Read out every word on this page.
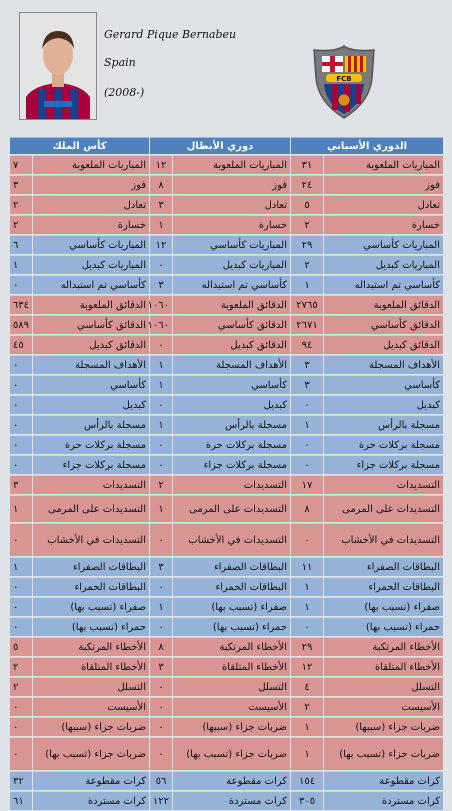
Gerard Pique Bernabeu
Spain
(2008-)
FCB
كأس الملك		دوري الأبطال		الدوري الأسباني	
٧	المباريات الملعوبة	١٢	المباريات الملعوبة	٣١	المباريات الملعوبة
٣	فوز	٨	فوز	٢٤	فوز
٢	تعادل	٣	تعادل	٥	تعادل
٢	خسارة	١	خسارة	٢	خسارة
٦	المباريات كأساسي	١٢	المباريات كأساسي	٢٩	المباريات كأساسي
١	المباريات كبديل	٠	المباريات كبديل	٢	المباريات كبديل
٠	كأساسي تم استبداله	٣	كأساسي تم استبداله	١	كأساسي تم استبداله
٦٣٤	الدقائق الملعوبة	١٠٦٠	الدقائق الملعوبة	٢٧٦٥	الدقائق الملعوبة
٥٨٩	الدقائق كأساسي	١٠٦٠	الدقائق كأساسي	٢٦٧١	الدقائق كأساسي
٤٥	الدقائق كبديل	٠	الدقائق كبديل	٩٤	الدقائق كبديل
٠	الأهداف المسجلة	١	الأهداف المسجلة	٣	الأهداف المسجلة
٠	كأساسي	١	كأساسي	٣	كأساسي
٠	كبديل	٠	كبديل	٠	كبديل
٠	مسجلة بالرأس	١	مسجلة بالرأس	١	مسجلة بالرأس
٠	مسجلة بركلات حرة	٠	مسجلة بركلات حرة	٠	مسجلة بركلات حرة
٠	مسجلة بركلات جزاء	٠	مسجلة بركلات جزاء	٠	مسجلة بركلات جزاء
٣	التسديدات	٢	التسديدات	١٧	التسديدات
١	التسديدات على المرمى	١	التسديدات على المرمى	٨	التسديدات على المرمى
٠	التسديدات في الأخشاب	٠	التسديدات في الأخشاب	٠	التسديدات في الأخشاب
١	البطاقات الصفراء	٣	البطاقات الصفراء	١١	البطاقات الصفراء
٠	البطاقات الحمراء	٠	البطاقات الحمراء	١	البطاقات الحمراء
٠	صفراء (تسبب بها)	١	صفراء (تسبب بها)	١	صفراء (تسبب بها)
٠	حمراء (تسبب بها)	٠	حمراء (تسبب بها)	٠	حمراء (تسبب بها)
٥	الأخطاء المرتكبة	٨	الأخطاء المرتكبة	٢٩	الأخطاء المرتكبة
٢	الأخطاء المتلقاة	٣	الأخطاء المتلقاة	١٢	الأخطاء المتلقاة
٢	التسلل	٠	التسلل	٤	التسلل
٠	الأسيست	٠	الأسيست	٢	الأسيست
٠	ضربات جزاء (سببها)	٠	ضربات جزاء (سببها)	١	ضربات جزاء (سببها)
٠	ضربات جزاء (تسبب بها)	٠	ضربات جزاء (تسبب بها)	١	ضربات جزاء (تسبب بها)
٣٢	كرات مقطوعة	٥٦	كرات مقطوعة	١٥٤	كرات مقطوعة
٦١	كرات مستردة	١٢٢	كرات مستردة	٣٠٥	كرات مستردة
